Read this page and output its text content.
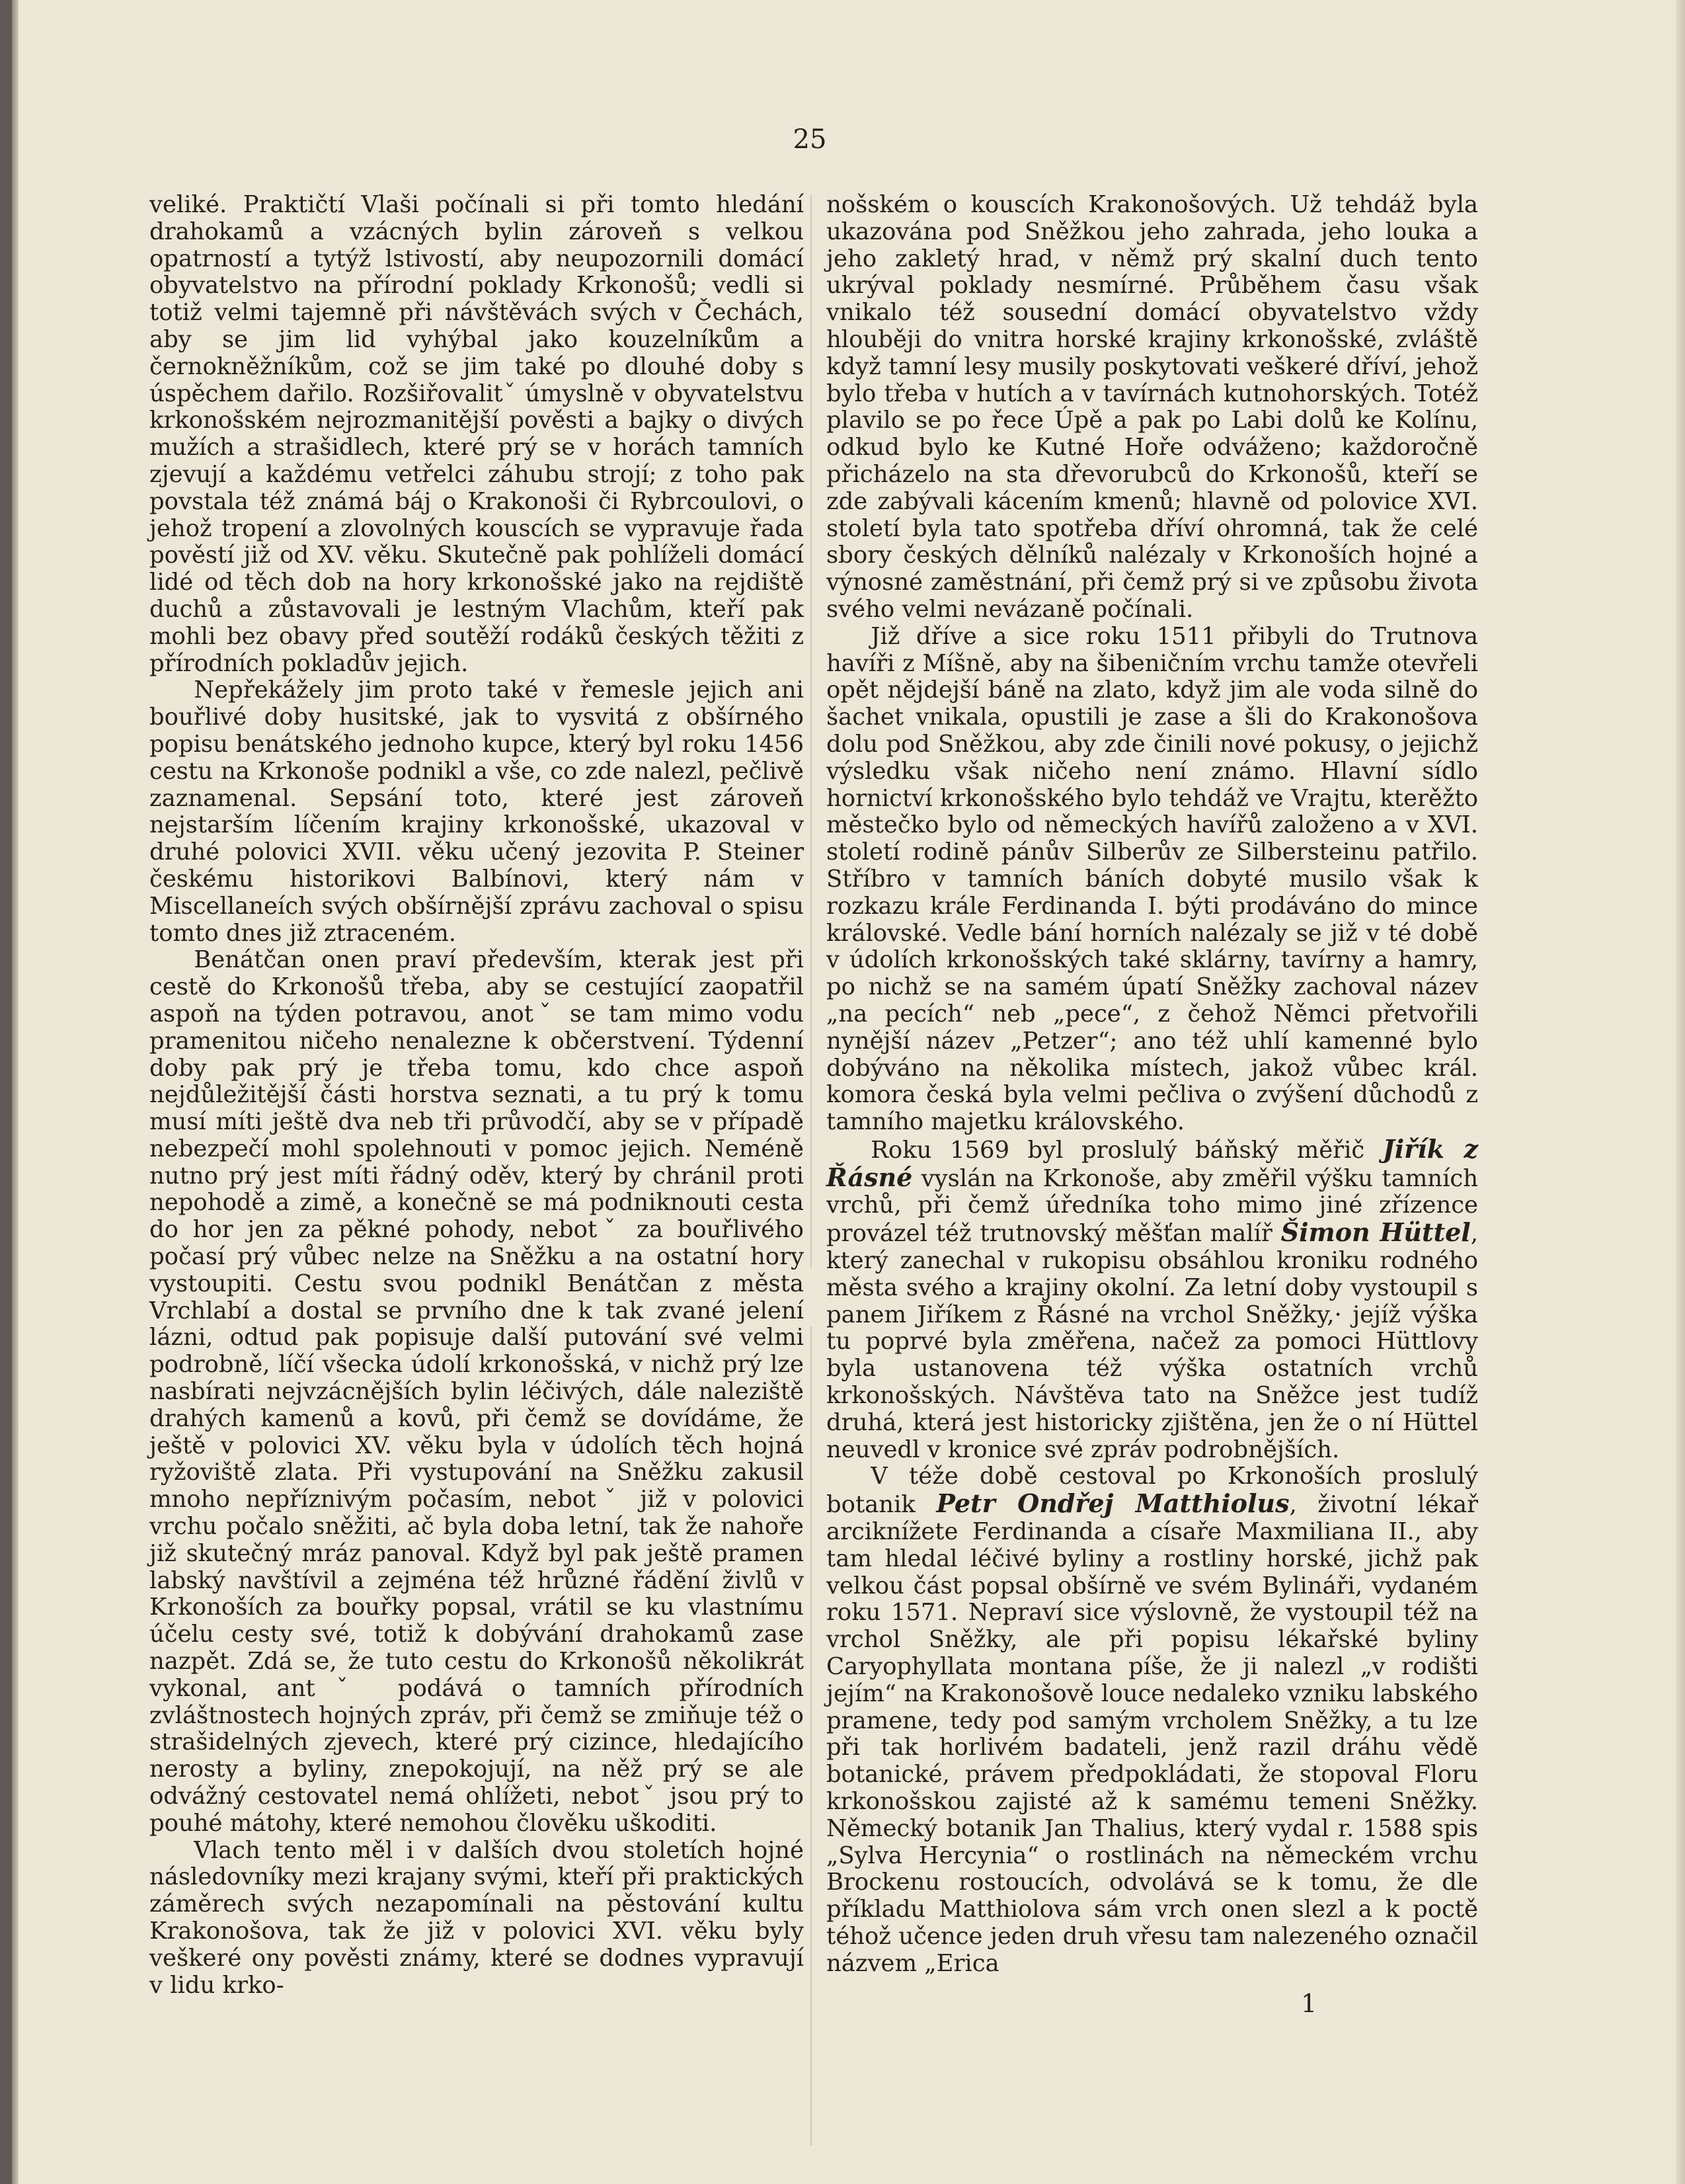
25

veliké. Praktičtí Vlaši počínali si při tomto hledání drahokamů a vzácných bylin zároveň s velkou opatrností a tytýž lstivostí, aby neupozornili domácí obyvatelstvo na přírodní poklady Krkonošů; vedli si totiž velmi tajemně při návštěvách svých v Čechách, aby se jim lid vyhýbal jako kouzelníkům a černokněžníkům, což se jim také po dlouhé doby s úspěchem dařilo. Rozšiřovalitˇ úmyslně v obyvatelstvu krkonošském nejrozmanitější pověsti a bajky o divých mužích a strašidlech, které prý se v horách tamních zjevují a každému vetřelci záhubu strojí; z toho pak povstala též známá báj o Krakonoši či Rybrcoulovi, o jehož tropení a zlovolných kouscích se vypravuje řada pověstí již od XV. věku. Skutečně pak pohlíželi domácí lidé od těch dob na hory krkonošské jako na rejdiště duchů a zůstavovali je lestným Vlachům, kteří pak mohli bez obavy před soutěží rodáků českých těžiti z přírodních pokladův jejich.

Nepřekážely jim proto také v řemesle jejich ani bouřlivé doby husitské, jak to vysvitá z obšírného popisu benátského jednoho kupce, který byl roku 1456 cestu na Krkonoše podnikl a vše, co zde nalezl, pečlivě zaznamenal. Sepsání toto, které jest zároveň nejstarším líčením krajiny krkonošské, ukazoval v druhé polovici XVII. věku učený jezovita P. Steiner českému historikovi Balbínovi, který nám v Miscellaneích svých obšírnější zprávu zachoval o spisu tomto dnes již ztraceném.

Benátčan onen praví především, kterak jest při cestě do Krkonošů třeba, aby se cestující zaopatřil aspoň na týden potravou, anotˇ se tam mimo vodu pramenitou ničeho nenalezne k občerstvení. Týdenní doby pak prý je třeba tomu, kdo chce aspoň nejdůležitější části horstva seznati, a tu prý k tomu musí míti ještě dva neb tři průvodčí, aby se v případě nebezpečí mohl spolehnouti v pomoc jejich. Neméně nutno prý jest míti řádný oděv, který by chránil proti nepohodě a zimě, a konečně se má podniknouti cesta do hor jen za pěkné pohody, nebotˇ za bouřlivého počasí prý vůbec nelze na Sněžku a na ostatní hory vystoupiti. Cestu svou podnikl Benátčan z města Vrchlabí a dostal se prvního dne k tak zvané jelení lázni, odtud pak popisuje další putování své velmi podrobně, líčí všecka údolí krkonošská, v nichž prý lze nasbírati nejvzácnějších bylin léčivých, dále naleziště drahých kamenů a kovů, při čemž se dovídáme, že ještě v polovici XV. věku byla v údolích těch hojná ryžoviště zlata. Při vystupování na Sněžku zakusil mnoho nepříznivým počasím, nebotˇ již v polovici vrchu počalo sněžiti, ač byla doba letní, tak že nahoře již skutečný mráz panoval. Když byl pak ještě pramen labský navštívil a zejména též hrůzné řádění živlů v Krkonoších za bouřky popsal, vrátil se ku vlastnímu účelu cesty své, totiž k dobývání drahokamů zase nazpět. Zdá se, že tuto cestu do Krkonošů několikrát vykonal, antˇ podává o tamních přírodních zvláštnostech hojných zpráv, při čemž se zmiňuje též o strašidelných zjevech, které prý cizince, hledajícího nerosty a byliny, znepokojují, na něž prý se ale odvážný cestovatel nemá ohlížeti, nebotˇ jsou prý to pouhé mátohy, které nemohou člověku uškoditi.

Vlach tento měl i v dalších dvou stoletích hojné následovníky mezi krajany svými, kteří při praktických záměrech svých nezapomínali na pěstování kultu Krakonošova, tak že již v polovici XVI. věku byly veškeré ony pověsti známy, které se dodnes vypravují v lidu krko-

nošském o kouscích Krakonošových. Už tehdáž byla ukazována pod Sněžkou jeho zahrada, jeho louka a jeho zakletý hrad, v němž prý skalní duch tento ukrýval poklady nesmírné. Průběhem času však vnikalo též sousední domácí obyvatelstvo vždy hlouběji do vnitra horské krajiny krkonošské, zvláště když tamní lesy musily poskytovati veškeré dříví, jehož bylo třeba v hutích a v tavírnách kutnohorských. Totéž plavilo se po řece Úpě a pak po Labi dolů ke Kolínu, odkud bylo ke Kutné Hoře odváženo; každoročně přicházelo na sta dřevorubců do Krkonošů, kteří se zde zabývali kácením kmenů; hlavně od polovice XVI. století byla tato spotřeba dříví ohromná, tak že celé sbory českých dělníků nalézaly v Krkonoších hojné a výnosné zaměstnání, při čemž prý si ve způsobu života svého velmi nevázaně počínali.

Již dříve a sice roku 1511 přibyli do Trutnova havíři z Míšně, aby na šibeničním vrchu tamže otevřeli opět nějdejší báně na zlato, když jim ale voda silně do šachet vnikala, opustili je zase a šli do Krakonošova dolu pod Sněžkou, aby zde činili nové pokusy, o jejichž výsledku však ničeho není známo. Hlavní sídlo hornictví krkonošského bylo tehdáž ve Vrajtu, kterěžto městečko bylo od německých havířů založeno a v XVI. století rodině pánův Silberův ze Silbersteinu patřilo. Stříbro v tamních báních dobyté musilo však k rozkazu krále Ferdinanda I. býti prodáváno do mince královské. Vedle bání horních nalézaly se již v té době v údolích krkonošských také sklárny, tavírny a hamry, po nichž se na samém úpatí Sněžky zachoval název „na pecích“ neb „pece“, z čehož Němci přetvořili nynější název „Petzer“; ano též uhlí kamenné bylo dobýváno na několika místech, jakož vůbec král. komora česká byla velmi pečliva o zvýšení důchodů z tamního majetku královského.

Roku 1569 byl proslulý báňský měřič Jiřík z Řásné vyslán na Krkonoše, aby změřil výšku tamních vrchů, při čemž úředníka toho mimo jiné zřízence provázel též trutnovský měšťan malíř Šimon Hüttel, který zanechal v rukopisu obsáhlou kroniku rodného města svého a krajiny okolní. Za letní doby vystoupil s panem Jiříkem z Řásné na vrchol Sněžky,· jejíž výška tu poprvé byla změřena, načež za pomoci Hüttlovy byla ustanovena též výška ostatních vrchů krkonošských. Návštěva tato na Sněžce jest tudíž druhá, která jest historicky zjištěna, jen že o ní Hüttel neuvedl v kronice své zpráv podrobnějších.

V téže době cestoval po Krkonoších proslulý botanik Petr Ondřej Matthiolus, životní lékař arciknížete Ferdinanda a císaře Maxmiliana II., aby tam hledal léčivé byliny a rostliny horské, jichž pak velkou část popsal obšírně ve svém Bylináři, vydaném roku 1571. Nepraví sice výslovně, že vystoupil též na vrchol Sněžky, ale při popisu lékařské byliny Caryophyllata montana píše, že ji nalezl „v rodišti jejím“ na Krakonošově louce nedaleko vzniku labského pramene, tedy pod samým vrcholem Sněžky, a tu lze při tak horlivém badateli, jenž razil dráhu vědě botanické, právem předpokládati, že stopoval Floru krkonošskou zajisté až k samému temeni Sněžky. Německý botanik Jan Thalius, který vydal r. 1588 spis „Sylva Hercynia“ o rostlinách na německém vrchu Brockenu rostoucích, odvolává se k tomu, že dle příkladu Matthiolova sám vrch onen slezl a k poctě téhož učence jeden druh vřesu tam nalezeného označil názvem „Erica

1
